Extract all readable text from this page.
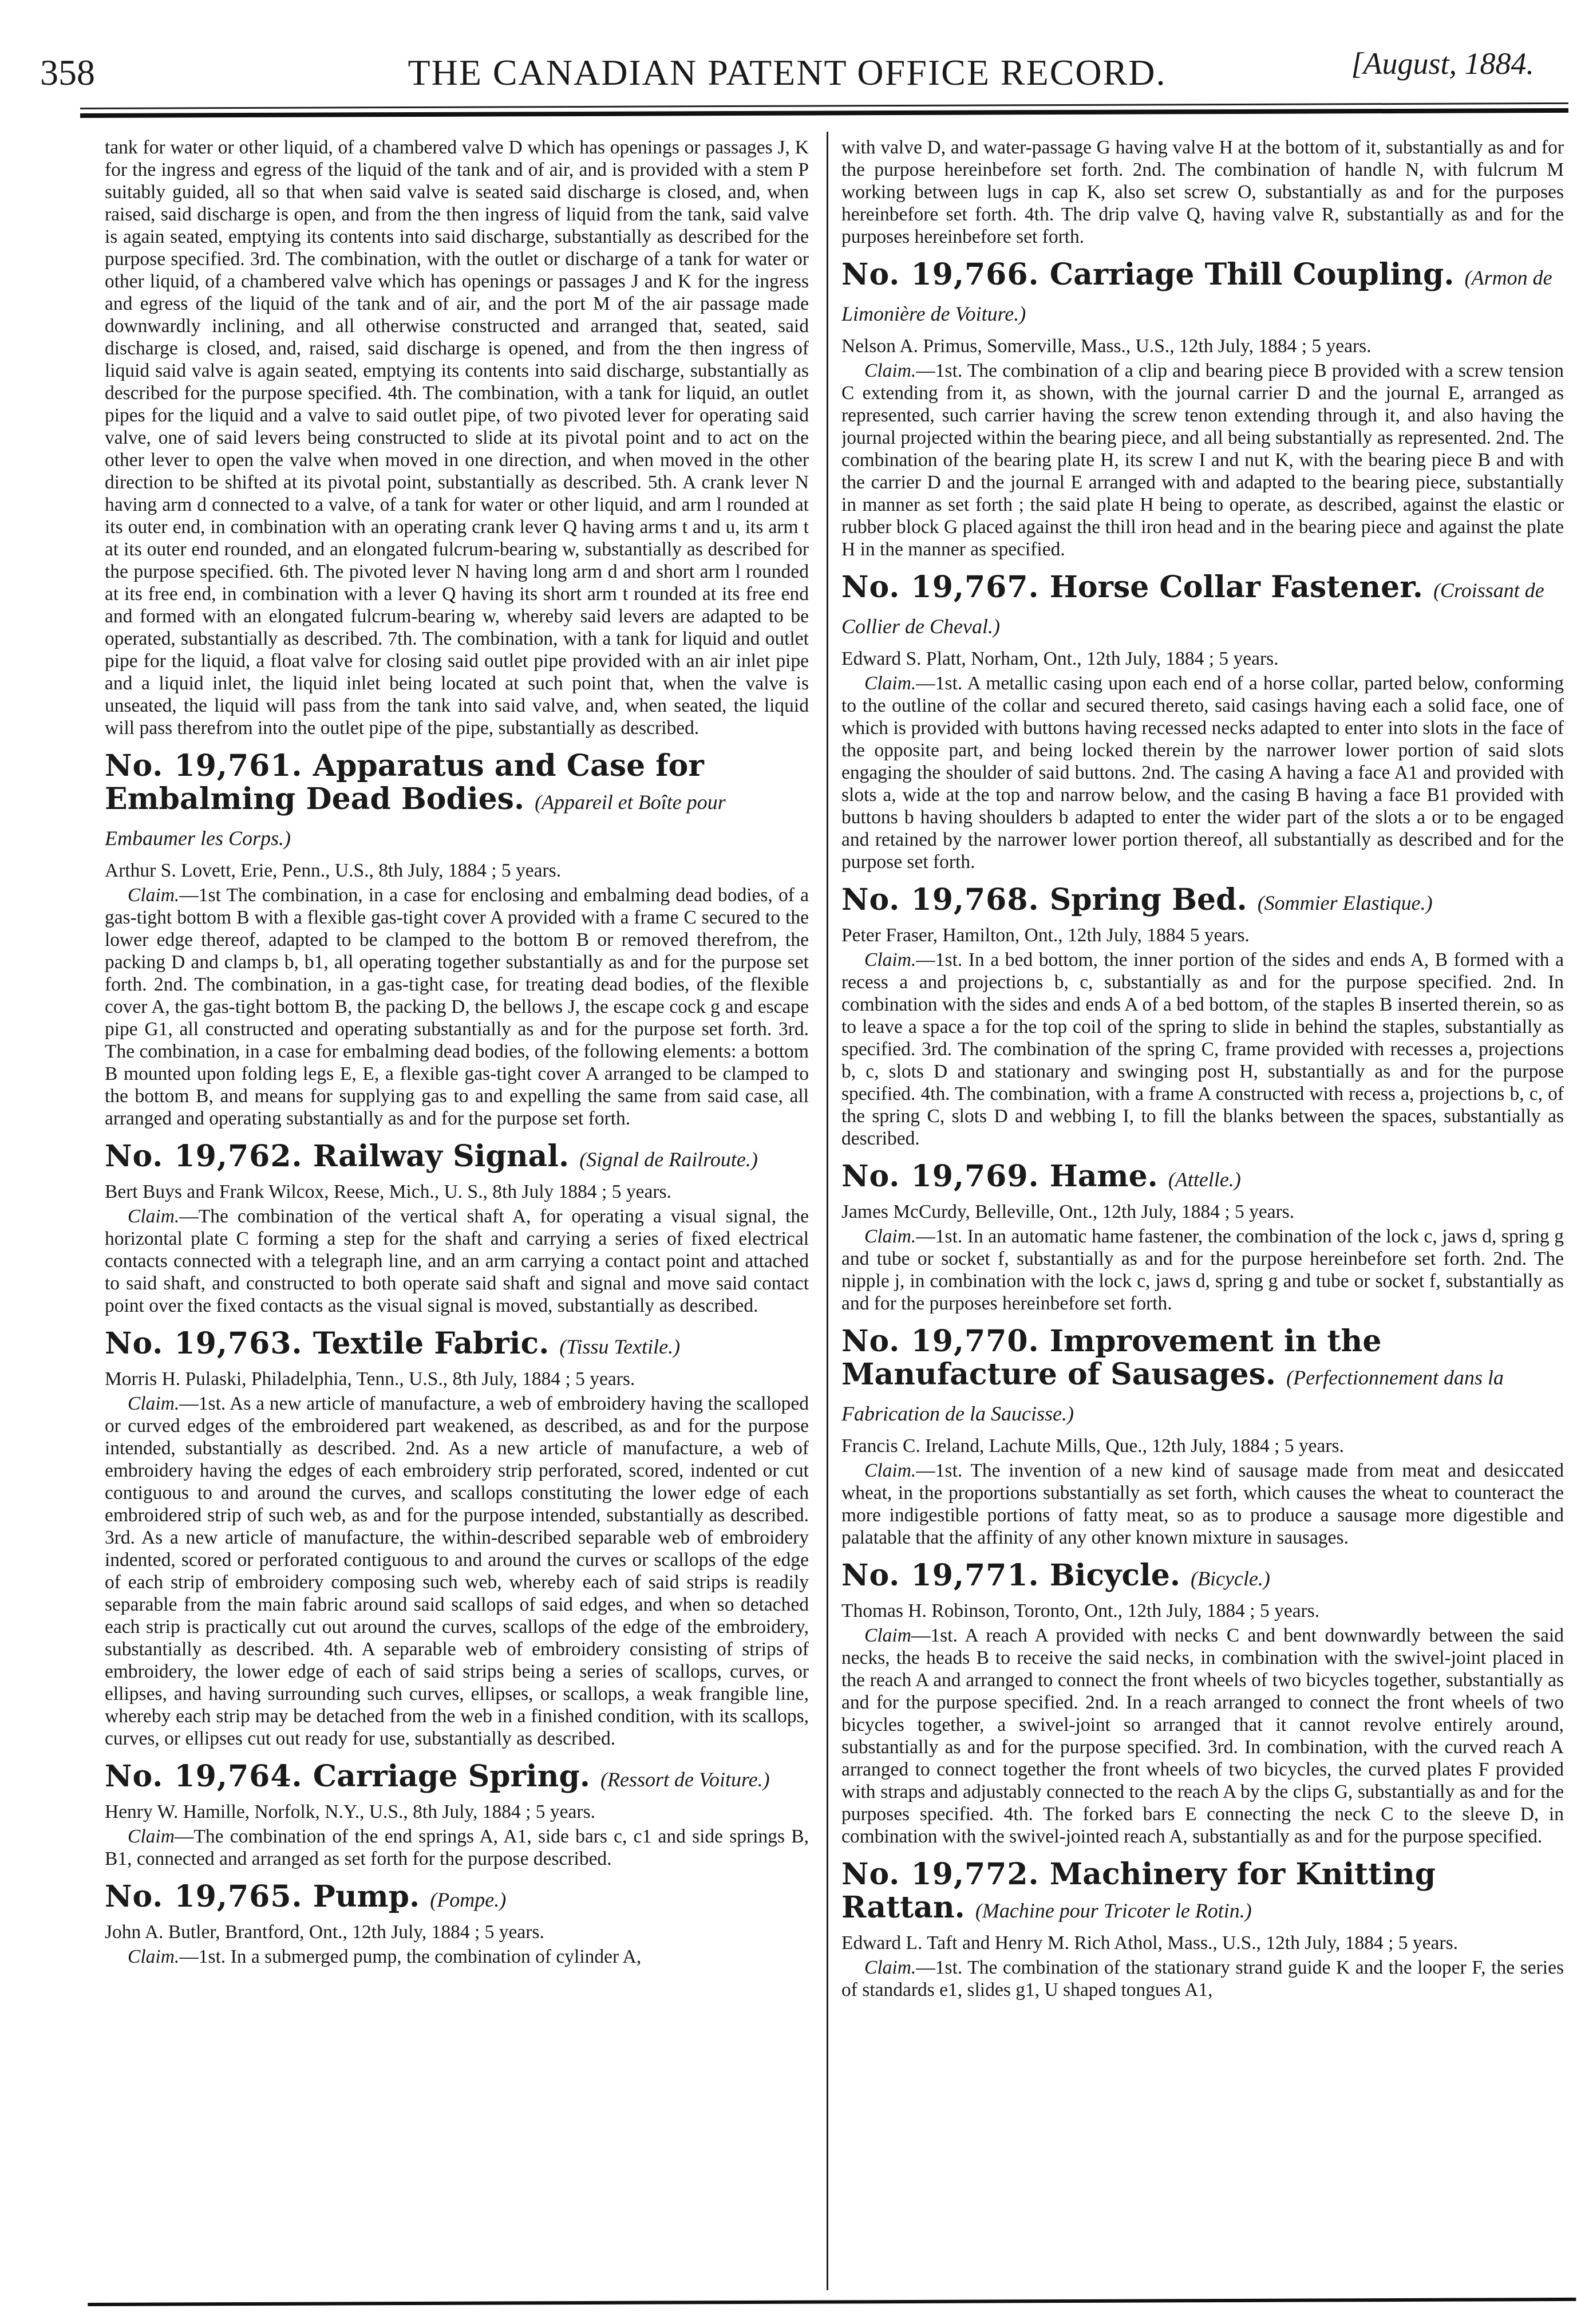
358	THE CANADIAN PATENT OFFICE RECORD.	[August, 1884.

tank for water or other liquid, of a chambered valve D which has openings or passages J, K for the ingress and egress of the liquid of the tank and of air, and is provided with a stem P suitably guided, all so that when said valve is seated said discharge is closed, and, when raised, said discharge is open, and from the then ingress of liquid from the tank, said valve is again seated, emptying its contents into said discharge, substantially as described for the purpose specified. 3rd. The combination, with the outlet or discharge of a tank for water or other liquid, of a chambered valve which has openings or passages J and K for the ingress and egress of the liquid of the tank and of air, and the port M of the air passage made downwardly inclining, and all otherwise constructed and arranged that, seated, said discharge is closed, and, raised, said discharge is opened, and from the then ingress of liquid said valve is again seated, emptying its contents into said discharge, substantially as described for the purpose specified. 4th. The combination, with a tank for liquid, an outlet pipes for the liquid and a valve to said outlet pipe, of two pivoted lever for operating said valve, one of said levers being constructed to slide at its pivotal point and to act on the other lever to open the valve when moved in one direction, and when moved in the other direction to be shifted at its pivotal point, substantially as described. 5th. A crank lever N having arm d connected to a valve, of a tank for water or other liquid, and arm l rounded at its outer end, in combination with an operating crank lever Q having arms t and u, its arm t at its outer end rounded, and an elongated fulcrum-bearing w, substantially as described for the purpose specified. 6th. The pivoted lever N having long arm d and short arm l rounded at its free end, in combination with a lever Q having its short arm t rounded at its free end and formed with an elongated fulcrum-bearing w, whereby said levers are adapted to be operated, substantially as described. 7th. The combination, with a tank for liquid and outlet pipe for the liquid, a float valve for closing said outlet pipe provided with an air inlet pipe and a liquid inlet, the liquid inlet being located at such point that, when the valve is unseated, the liquid will pass from the tank into said valve, and, when seated, the liquid will pass therefrom into the outlet pipe of the pipe, substantially as described.

No. 19,761. Apparatus and Case for Embalming Dead Bodies. (Appareil et Boîte pour Embaumer les Corps.)

Arthur S. Lovett, Erie, Penn., U.S., 8th July, 1884 ; 5 years.

Claim.—1st The combination, in a case for enclosing and embalming dead bodies, of a gas-tight bottom B with a flexible gas-tight cover A provided with a frame C secured to the lower edge thereof, adapted to be clamped to the bottom B or removed therefrom, the packing D and clamps b, b1, all operating together substantially as and for the purpose set forth. 2nd. The combination, in a gas-tight case, for treating dead bodies, of the flexible cover A, the gas-tight bottom B, the packing D, the bellows J, the escape cock g and escape pipe G1, all constructed and operating substantially as and for the purpose set forth. 3rd. The combination, in a case for embalming dead bodies, of the following elements: a bottom B mounted upon folding legs E, E, a flexible gas-tight cover A arranged to be clamped to the bottom B, and means for supplying gas to and expelling the same from said case, all arranged and operating substantially as and for the purpose set forth.

No. 19,762. Railway Signal. (Signal de Railroute.)

Bert Buys and Frank Wilcox, Reese, Mich., U. S., 8th July 1884 ; 5 years.

Claim.—The combination of the vertical shaft A, for operating a visual signal, the horizontal plate C forming a step for the shaft and carrying a series of fixed electrical contacts connected with a telegraph line, and an arm carrying a contact point and attached to said shaft, and constructed to both operate said shaft and signal and move said contact point over the fixed contacts as the visual signal is moved, substantially as described.

No. 19,763. Textile Fabric. (Tissu Textile.)

Morris H. Pulaski, Philadelphia, Tenn., U.S., 8th July, 1884 ; 5 years.

Claim.—1st. As a new article of manufacture, a web of embroidery having the scalloped or curved edges of the embroidered part weakened, as described, as and for the purpose intended, substantially as described. 2nd. As a new article of manufacture, a web of embroidery having the edges of each embroidery strip perforated, scored, indented or cut contiguous to and around the curves, and scallops constituting the lower edge of each embroidered strip of such web, as and for the purpose intended, substantially as described. 3rd. As a new article of manufacture, the within-described separable web of embroidery indented, scored or perforated contiguous to and around the curves or scallops of the edge of each strip of embroidery composing such web, whereby each of said strips is readily separable from the main fabric around said scallops of said edges, and when so detached each strip is practically cut out around the curves, scallops of the edge of the embroidery, substantially as described. 4th. A separable web of embroidery consisting of strips of embroidery, the lower edge of each of said strips being a series of scallops, curves, or ellipses, and having surrounding such curves, ellipses, or scallops, a weak frangible line, whereby each strip may be detached from the web in a finished condition, with its scallops, curves, or ellipses cut out ready for use, substantially as described.

No. 19,764. Carriage Spring. (Ressort de Voiture.)

Henry W. Hamille, Norfolk, N.Y., U.S., 8th July, 1884 ; 5 years.

Claim—The combination of the end springs A, A1, side bars c, c1 and side springs B, B1, connected and arranged as set forth for the purpose described.

No. 19,765. Pump. (Pompe.)

John A. Butler, Brantford, Ont., 12th July, 1884 ; 5 years.

Claim.—1st. In a submerged pump, the combination of cylinder A,

with valve D, and water-passage G having valve H at the bottom of it, substantially as and for the purpose hereinbefore set forth. 2nd. The combination of handle N, with fulcrum M working between lugs in cap K, also set screw O, substantially as and for the purposes hereinbefore set forth. 4th. The drip valve Q, having valve R, substantially as and for the purposes hereinbefore set forth.

No. 19,766. Carriage Thill Coupling. (Armon de Limonière de Voiture.)

Nelson A. Primus, Somerville, Mass., U.S., 12th July, 1884 ; 5 years.

Claim.—1st. The combination of a clip and bearing piece B provided with a screw tension C extending from it, as shown, with the journal carrier D and the journal E, arranged as represented, such carrier having the screw tenon extending through it, and also having the journal projected within the bearing piece, and all being substantially as represented. 2nd. The combination of the bearing plate H, its screw I and nut K, with the bearing piece B and with the carrier D and the journal E arranged with and adapted to the bearing piece, substantially in manner as set forth ; the said plate H being to operate, as described, against the elastic or rubber block G placed against the thill iron head and in the bearing piece and against the plate H in the manner as specified.

No. 19,767. Horse Collar Fastener. (Croissant de Collier de Cheval.)

Edward S. Platt, Norham, Ont., 12th July, 1884 ; 5 years.

Claim.—1st. A metallic casing upon each end of a horse collar, parted below, conforming to the outline of the collar and secured thereto, said casings having each a solid face, one of which is provided with buttons having recessed necks adapted to enter into slots in the face of the opposite part, and being locked therein by the narrower lower portion of said slots engaging the shoulder of said buttons. 2nd. The casing A having a face A1 and provided with slots a, wide at the top and narrow below, and the casing B having a face B1 provided with buttons b having shoulders b adapted to enter the wider part of the slots a or to be engaged and retained by the narrower lower portion thereof, all substantially as described and for the purpose set forth.

No. 19,768. Spring Bed. (Sommier Elastique.)

Peter Fraser, Hamilton, Ont., 12th July, 1884 5 years.

Claim.—1st. In a bed bottom, the inner portion of the sides and ends A, B formed with a recess a and projections b, c, substantially as and for the purpose specified. 2nd. In combination with the sides and ends A of a bed bottom, of the staples B inserted therein, so as to leave a space a for the top coil of the spring to slide in behind the staples, substantially as specified. 3rd. The combination of the spring C, frame provided with recesses a, projections b, c, slots D and stationary and swinging post H, substantially as and for the purpose specified. 4th. The combination, with a frame A constructed with recess a, projections b, c, of the spring C, slots D and webbing I, to fill the blanks between the spaces, substantially as described.

No. 19,769. Hame. (Attelle.)

James McCurdy, Belleville, Ont., 12th July, 1884 ; 5 years.

Claim.—1st. In an automatic hame fastener, the combination of the lock c, jaws d, spring g and tube or socket f, substantially as and for the purpose hereinbefore set forth. 2nd. The nipple j, in combination with the lock c, jaws d, spring g and tube or socket f, substantially as and for the purposes hereinbefore set forth.

No. 19,770. Improvement in the Manufacture of Sausages. (Perfectionnement dans la Fabrication de la Saucisse.)

Francis C. Ireland, Lachute Mills, Que., 12th July, 1884 ; 5 years.

Claim.—1st. The invention of a new kind of sausage made from meat and desiccated wheat, in the proportions substantially as set forth, which causes the wheat to counteract the more indigestible portions of fatty meat, so as to produce a sausage more digestible and palatable that the affinity of any other known mixture in sausages.

No. 19,771. Bicycle. (Bicycle.)

Thomas H. Robinson, Toronto, Ont., 12th July, 1884 ; 5 years.

Claim—1st. A reach A provided with necks C and bent downwardly between the said necks, the heads B to receive the said necks, in combination with the swivel-joint placed in the reach A and arranged to connect the front wheels of two bicycles together, substantially as and for the purpose specified. 2nd. In a reach arranged to connect the front wheels of two bicycles together, a swivel-joint so arranged that it cannot revolve entirely around, substantially as and for the purpose specified. 3rd. In combination, with the curved reach A arranged to connect together the front wheels of two bicycles, the curved plates F provided with straps and adjustably connected to the reach A by the clips G, substantially as and for the purposes specified. 4th. The forked bars E connecting the neck C to the sleeve D, in combination with the swivel-jointed reach A, substantially as and for the purpose specified.

No. 19,772. Machinery for Knitting Rattan. (Machine pour Tricoter le Rotin.)

Edward L. Taft and Henry M. Rich Athol, Mass., U.S., 12th July, 1884 ; 5 years.

Claim.—1st. The combination of the stationary strand guide K and the looper F, the series of standards e1, slides g1, U shaped tongues A1,
